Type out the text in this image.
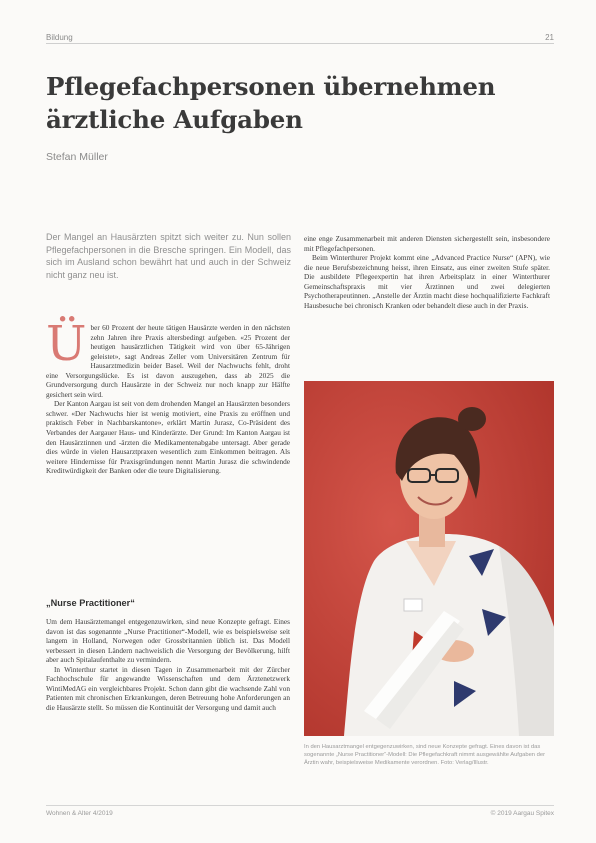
Bildung	21
Pflegefachpersonen übernehmen
ärztliche Aufgaben
Stefan Müller
Der Mangel an Hausärzten spitzt sich weiter zu. Nun sollen Pflegefachpersonen in die Bresche springen. Ein Modell, das sich im Ausland schon bewährt hat und auch in der Schweiz nicht ganz neu ist.

Über 60 Prozent der heute tätigen Hausärzte werden in den nächsten zehn Jahren ihre Praxis altersbedingt aufgeben. «25 Prozent der heutigen hausärztlichen Tätigkeit wird von über 65-Jährigen geleistet», sagt Andreas Zeller vom Universitären Zentrum für Hausarztmedizin beider Basel. Weil der Nachwuchs fehlt, droht eine Versorgungslücke. Es ist davon auszugehen, dass ab 2025 die Grundversorgung durch Hausärzte in der Schweiz nur noch knapp zur Hälfte gesichert sein wird.

Der Kanton Aargau ist seit von dem drohenden Mangel an Hausärzten besonders schwer. «Der Nachwuchs hier ist wenig motiviert, eine Praxis zu eröffnen und praktisch Feber in Nachbarskantone», erklärt Martin Jurasz, Co-Präsident des Verbandes der Aargauer Haus- und Kinderärzte. Der Grund: Im Kanton Aargau ist den Hausärztinnen und -ärzten die Medikamentenabgabe untersagt. Aber gerade dies würde in vielen Hausarztpraxen wesentlich zum Einkommen beitragen. Als weitere Hindernisse für Praxisgründungen nennt Martin Jurasz die schwindende Kreditwürdigkeit der Banken oder die teure Digitalisierung.

„Nurse Practitioner“

Um dem Hausärztemangel entgegenzuwirken, sind neue Konzepte gefragt. Eines davon ist das sogenannte „Nurse Practitioner“-Modell, wie es beispielsweise seit langem in Holland, Norwegen oder Grossbritannien üblich ist. Das Modell verbessert in diesen Ländern nachweislich die Versorgung der Bevölkerung, hilft aber auch Spitalaufenthalte zu vermindern.

In Winterthur startet in diesen Tagen in Zusammenarbeit mit der Zürcher Fachhochschule für angewandte Wissenschaften und dem Ärztenetzwerk WintiMedAG ein vergleichbares Projekt. Schon dann gibt die wachsende Zahl von Patienten mit chronischen Erkrankungen, deren Betreuung hohe Anforderungen an die Hausärzte stellt. So müssen die Kontinuität der Versorgung und damit auch

eine enge Zusammenarbeit mit anderen Diensten sichergestellt sein, insbesondere mit Pflegefachpersonen.

Beim Winterthurer Projekt kommt eine „Advanced Practice Nurse“ (APN), wie die neue Berufsbezeichnung heisst, ihren Einsatz, aus einer zweiten Stufe später. Die ausbildete Pflegeexpertin hat ihren Arbeitsplatz in einer Winterthurer Gemeinschaftspraxis mit vier Ärztinnen und zwei delegierten Psychotherapeutinnen. „Anstelle der Ärztin macht diese hochqualifizierte Fachkraft Hausbesuche bei chronisch Kranken oder behandelt diese auch in der Praxis.

In den Hausarztmangel entgegenzuwirken, sind neue Konzepte gefragt. Eines davon ist das sogenannte „Nurse Practitioner“-Modell: Die Pflegefachkraft nimmt ausgewählte Aufgaben der Ärztin wahr, beispielsweise Medikamente verordnen. Foto: Verlag/Illustr.
Wohnen & Alter 4/2019	© 2019 Aargau Spitex
